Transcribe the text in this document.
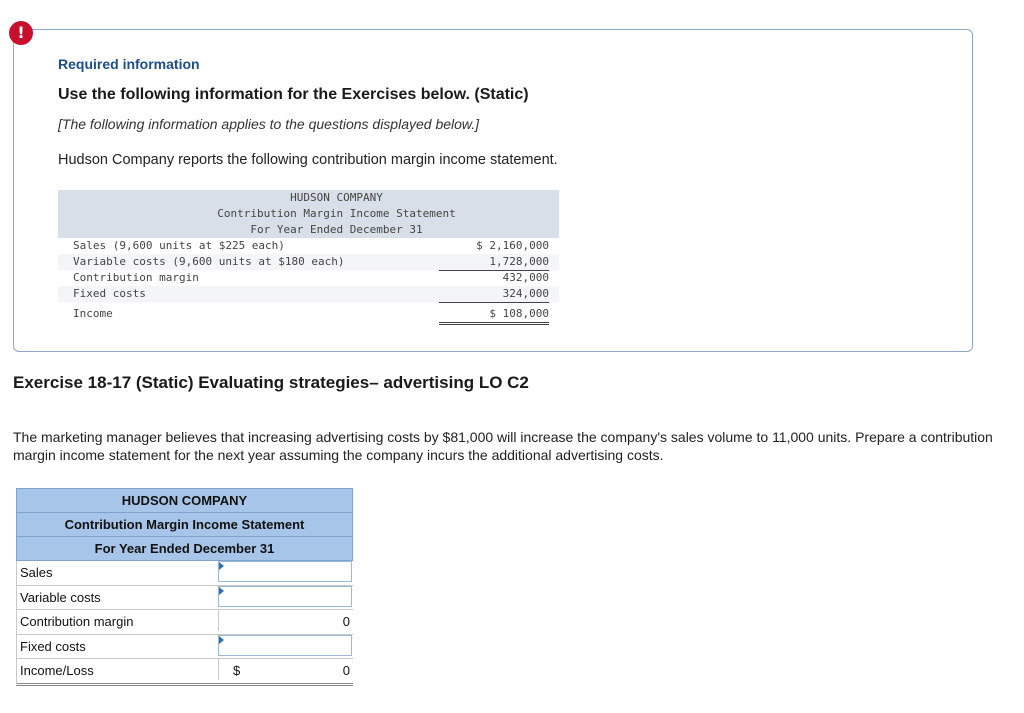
Required information
Use the following information for the Exercises below. (Static)
[The following information applies to the questions displayed below.]
Hudson Company reports the following contribution margin income statement.
HUDSON COMPANY
Contribution Margin Income Statement
For Year Ended December 31
Sales (9,600 units at $225 each)	$ 2,160,000
Variable costs (9,600 units at $180 each)	1,728,000
Contribution margin	432,000
Fixed costs	324,000
Income	$ 108,000
!
Exercise 18-17 (Static) Evaluating strategies– advertising LO C2
The marketing manager believes that increasing advertising costs by $81,000 will increase the company's sales volume to 11,000 units. Prepare a contribution margin income statement for the next year assuming the company incurs the additional advertising costs.
HUDSON COMPANY
Contribution Margin Income Statement
For Year Ended December 31
Sales
Variable costs
Contribution margin	0
Fixed costs
Income/Loss	$	0
